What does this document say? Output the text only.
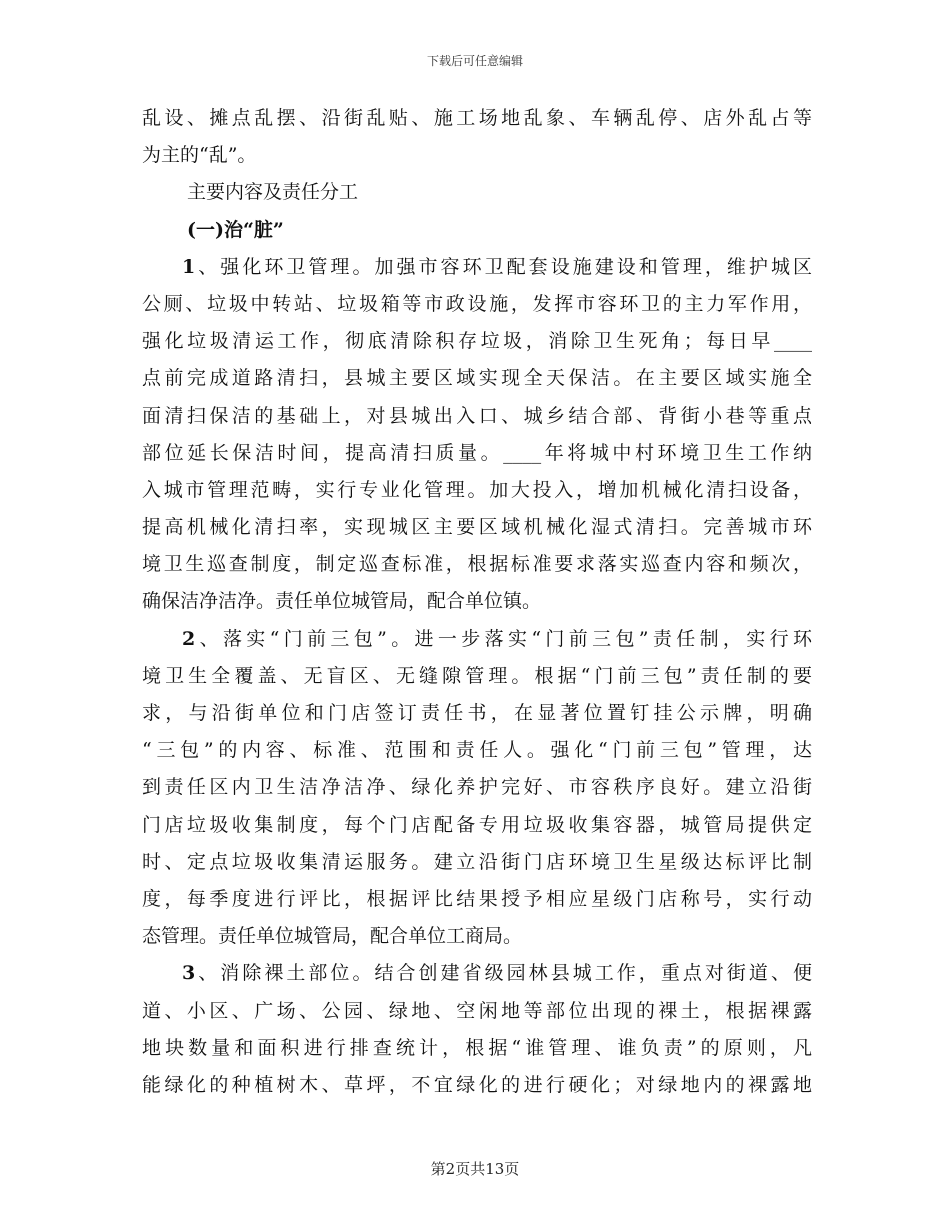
下载后可任意编辑
乱设、摊点乱摆、沿街乱贴、施工场地乱象、车辆乱停、店外乱占等
为主的“乱”。
主要内容及责任分工
(一)治“脏”
1、强化环卫管理。加强市容环卫配套设施建设和管理，维护城区
公厕、垃圾中转站、垃圾箱等市政设施，发挥市容环卫的主力军作用，
强化垃圾清运工作，彻底清除积存垃圾，消除卫生死角；每日早____
点前完成道路清扫，县城主要区域实现全天保洁。在主要区域实施全
面清扫保洁的基础上，对县城出入口、城乡结合部、背街小巷等重点
部位延长保洁时间，提高清扫质量。____年将城中村环境卫生工作纳
入城市管理范畴，实行专业化管理。加大投入，增加机械化清扫设备，
提高机械化清扫率，实现城区主要区域机械化湿式清扫。完善城市环
境卫生巡查制度，制定巡查标准，根据标准要求落实巡查内容和频次，
确保洁净洁净。责任单位城管局，配合单位镇。
2、落实“门前三包”。进一步落实“门前三包”责任制，实行环
境卫生全覆盖、无盲区、无缝隙管理。根据“门前三包”责任制的要
求，与沿街单位和门店签订责任书，在显著位置钉挂公示牌，明确
“三包”的内容、标准、范围和责任人。强化“门前三包”管理，达
到责任区内卫生洁净洁净、绿化养护完好、市容秩序良好。建立沿街
门店垃圾收集制度，每个门店配备专用垃圾收集容器，城管局提供定
时、定点垃圾收集清运服务。建立沿街门店环境卫生星级达标评比制
度，每季度进行评比，根据评比结果授予相应星级门店称号，实行动
态管理。责任单位城管局，配合单位工商局。
3、消除裸土部位。结合创建省级园林县城工作，重点对街道、便
道、小区、广场、公园、绿地、空闲地等部位出现的裸土，根据裸露
地块数量和面积进行排查统计，根据“谁管理、谁负责”的原则，凡
能绿化的种植树木、草坪，不宜绿化的进行硬化；对绿地内的裸露地
第2页共13页
